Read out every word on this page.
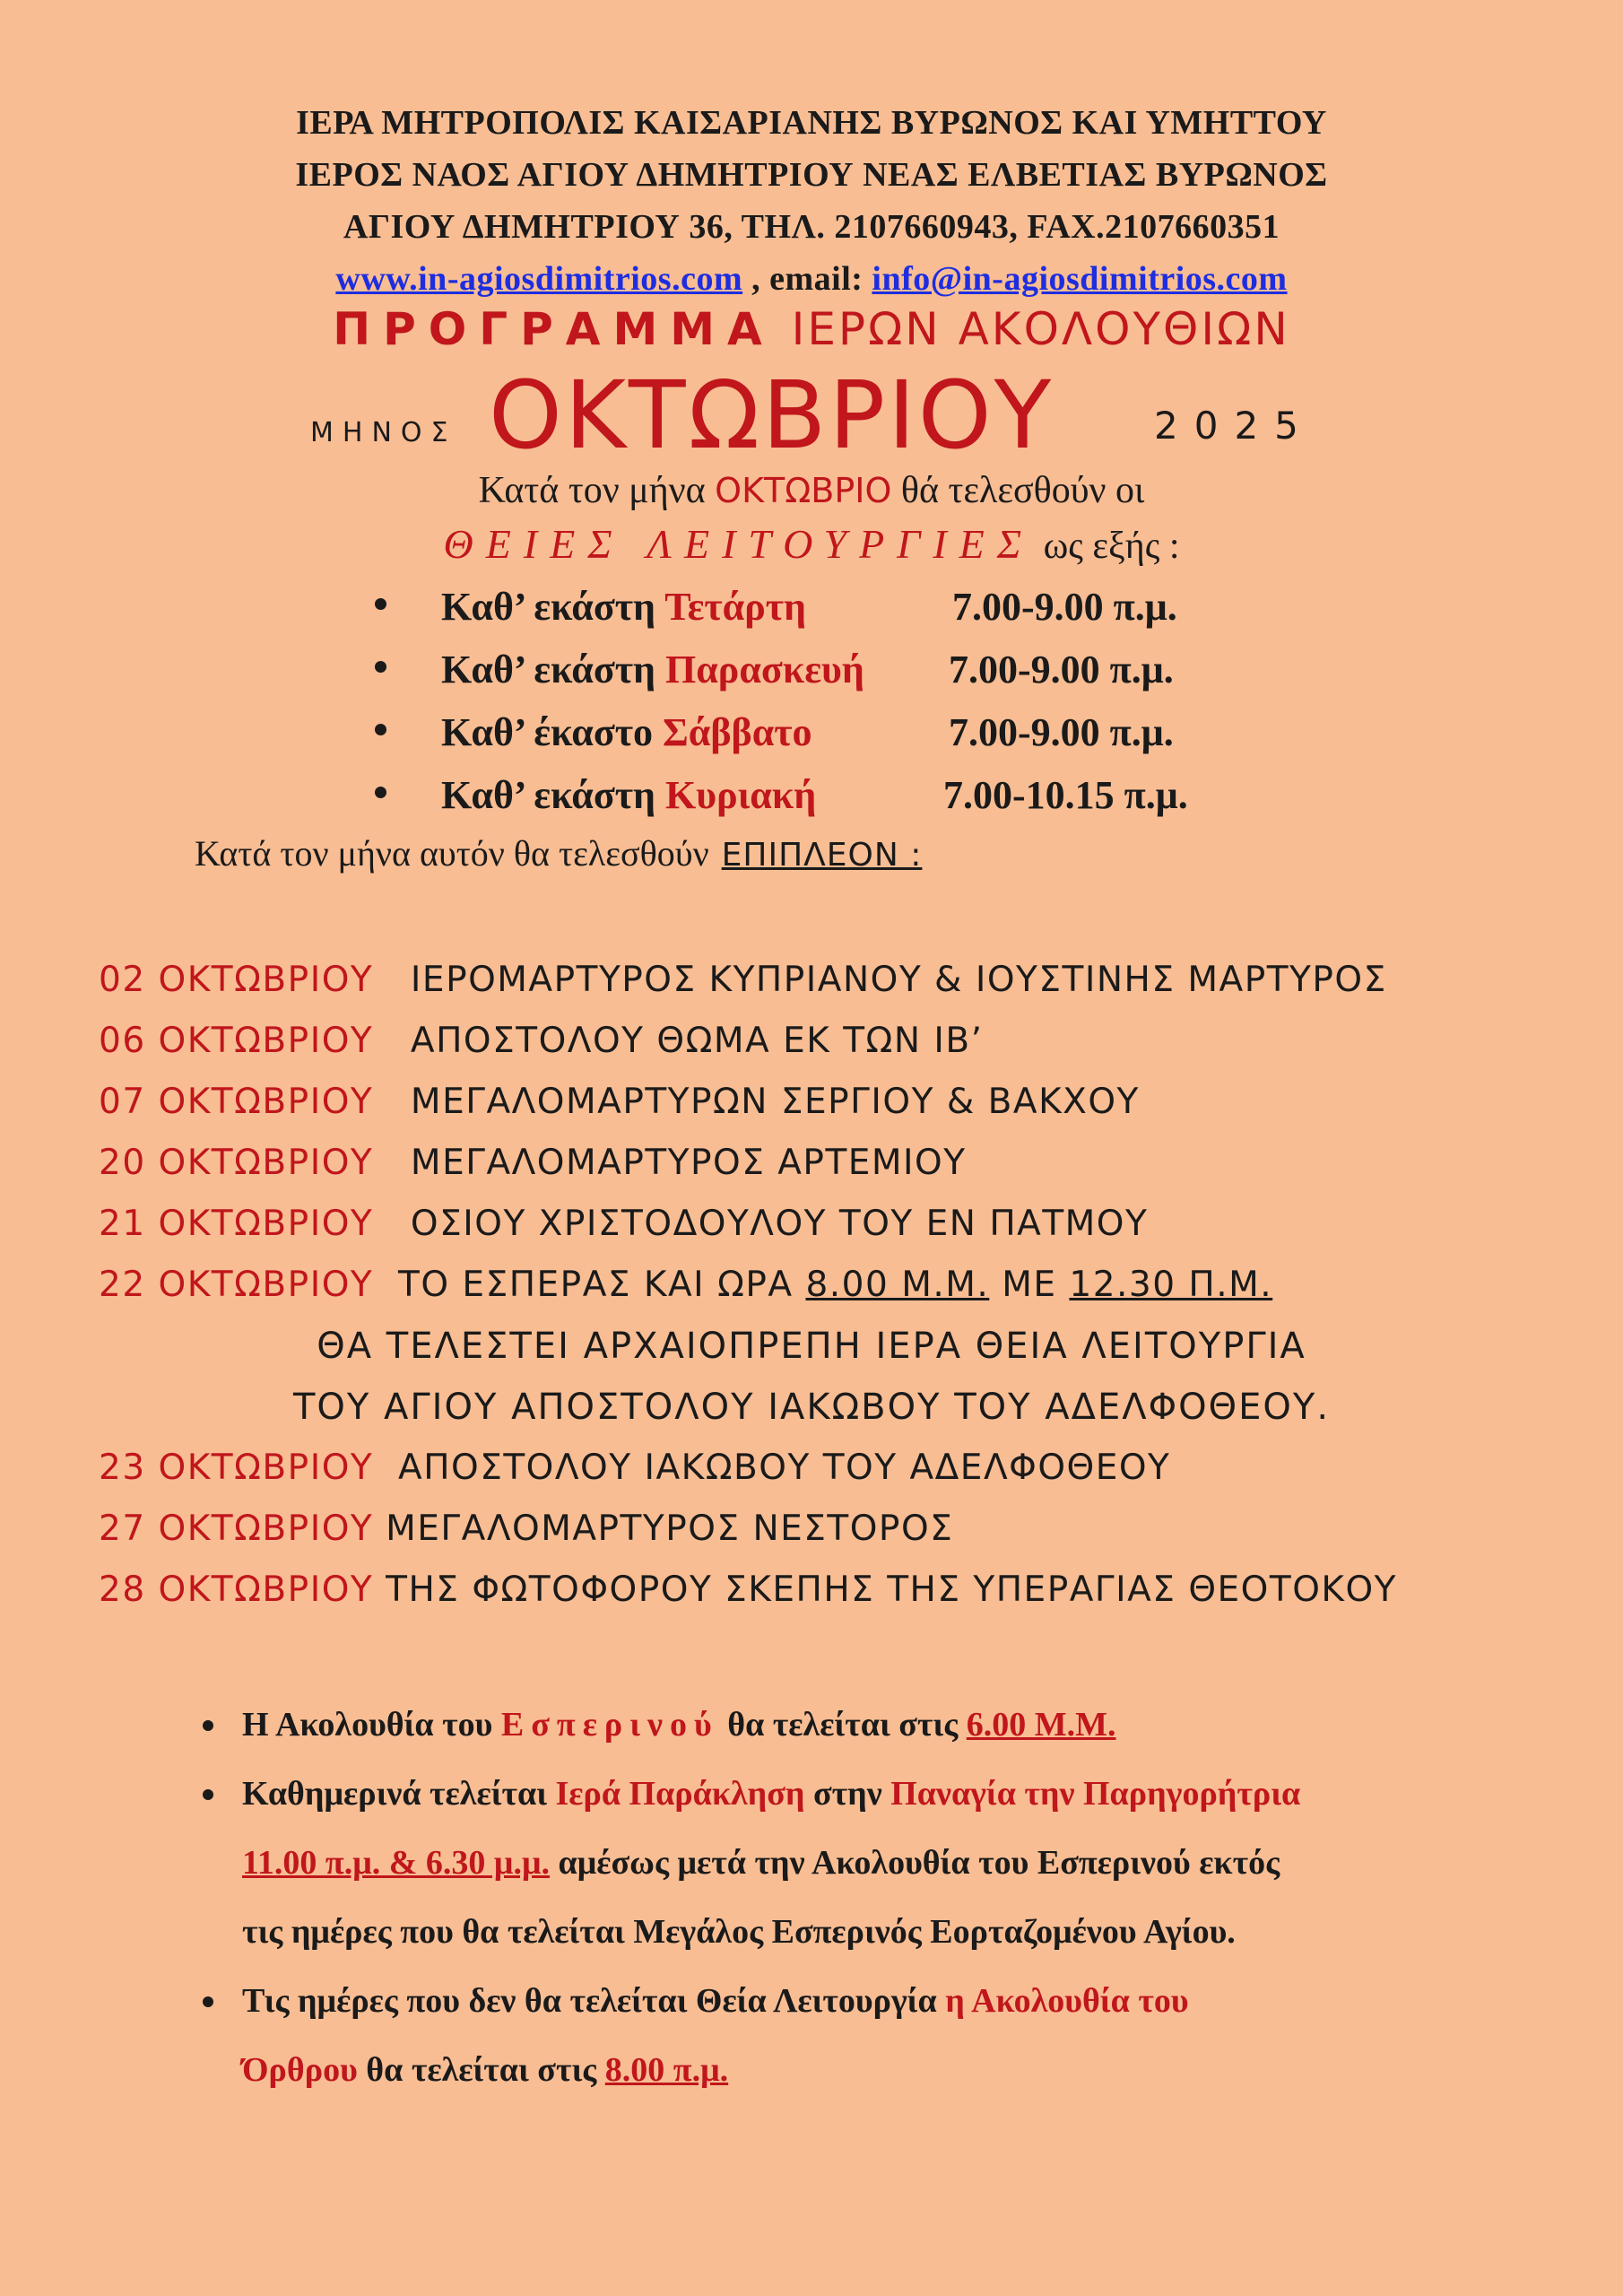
ΙΕΡΑ ΜΗΤΡΟΠΟΛΙΣ ΚΑΙΣΑΡΙΑΝΗΣ ΒΥΡΩΝΟΣ ΚΑΙ ΥΜΗΤΤΟΥ
ΙΕΡΟΣ ΝΑΟΣ ΑΓΙΟΥ ΔΗΜΗΤΡΙΟΥ ΝΕΑΣ ΕΛΒΕΤΙΑΣ ΒΥΡΩΝΟΣ
ΑΓΙΟΥ ΔΗΜΗΤΡΙΟΥ 36, ΤΗΛ. 2107660943, FAX.2107660351
www.in-agiosdimitrios.com , email: info@in-agiosdimitrios.com
ΠΡΟΓΡΑΜΜΑ ΙΕΡΩΝ ΑΚΟΛΟΥΘΙΩΝ
ΜΗΝΟΣ ΟΚΤΩΒΡΙΟΥ	2025
Κατά τον μήνα ΟΚΤΩΒΡΙΟ θά τελεσθούν οι
ΘΕΙΕΣ ΛΕΙΤΟΥΡΓΙΕΣ ως εξής :
Καθ’ εκάστη Τετάρτη	7.00-9.00 π.μ.
Καθ’ εκάστη Παρασκευή 7.00-9.00 π.μ.
Καθ’ έκαστο Σάββατο	7.00-9.00 π.μ.
Καθ’ εκάστη Κυριακή	7.00-10.15 π.μ.
Κατά τον μήνα αυτόν θα τελεσθούν ΕΠΙΠΛΕΟΝ :
02 ΟΚΤΩΒΡΙΟΥ ΙΕΡΟΜΑΡΤΥΡΟΣ ΚΥΠΡΙΑΝΟΥ & ΙΟΥΣΤΙΝΗΣ ΜΑΡΤΥΡΟΣ
06 ΟΚΤΩΒΡΙΟΥ ΑΠΟΣΤΟΛΟΥ ΘΩΜΑ ΕΚ ΤΩΝ ΙΒ’
07 ΟΚΤΩΒΡΙΟΥ ΜΕΓΑΛΟΜΑΡΤΥΡΩΝ ΣΕΡΓΙΟΥ & ΒΑΚΧΟΥ
20 ΟΚΤΩΒΡΙΟΥ ΜΕΓΑΛΟΜΑΡΤΥΡΟΣ ΑΡΤΕΜΙΟΥ
21 ΟΚΤΩΒΡΙΟΥ ΟΣΙΟΥ ΧΡΙΣΤΟΔΟΥΛΟΥ ΤΟΥ ΕΝ ΠΑΤΜΟΥ
22 ΟΚΤΩΒΡΙΟΥ ΤΟ ΕΣΠΕΡΑΣ ΚΑΙ ΩΡΑ 8.00 Μ.Μ. ΜΕ 12.30 Π.Μ.
ΘΑ ΤΕΛΕΣΤΕΙ ΑΡΧΑΙΟΠΡΕΠΗ ΙΕΡΑ ΘΕΙΑ ΛΕΙΤΟΥΡΓΙΑ
ΤΟΥ ΑΓΙΟΥ ΑΠΟΣΤΟΛΟΥ ΙΑΚΩΒΟΥ ΤΟΥ ΑΔΕΛΦΟΘΕΟΥ.
23 ΟΚΤΩΒΡΙΟΥ ΑΠΟΣΤΟΛΟΥ ΙΑΚΩΒΟΥ ΤΟΥ ΑΔΕΛΦΟΘΕΟΥ
27 ΟΚΤΩΒΡΙΟΥ ΜΕΓΑΛΟΜΑΡΤΥΡΟΣ ΝΕΣΤΟΡΟΣ
28 ΟΚΤΩΒΡΙΟΥ ΤΗΣ ΦΩΤΟΦΟΡΟΥ ΣΚΕΠΗΣ ΤΗΣ ΥΠΕΡΑΓΙΑΣ ΘΕΟΤΟΚΟΥ
Η Ακολουθία του Εσπερινού θα τελείται στις 6.00 Μ.Μ.
Καθημερινά τελείται Ιερά Παράκληση στην Παναγία την Παρηγορήτρια
11.00 π.μ. & 6.30 μ.μ. αμέσως μετά την Ακολουθία του Εσπερινού εκτός
τις ημέρες που θα τελείται Μεγάλος Εσπερινός Εορταζομένου Αγίου.
Τις ημέρες που δεν θα τελείται Θεία Λειτουργία η Ακολουθία του
Όρθρου θα τελείται στις 8.00 π.μ.
